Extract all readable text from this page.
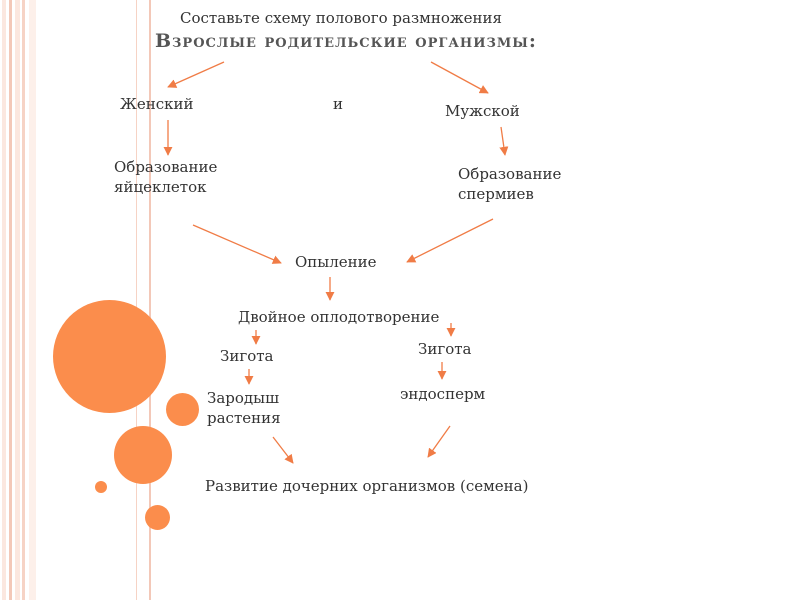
Составьте схему полового размножения
Взрослые родительские организмы:
Женский	и	Мужской
Образование
яйцеклеток
Образование
спермиев
Опыление
Двойное оплодотворение
Зигота	Зигота
Зародыш
растения
эндосперм
Развитие дочерних организмов (семена)
